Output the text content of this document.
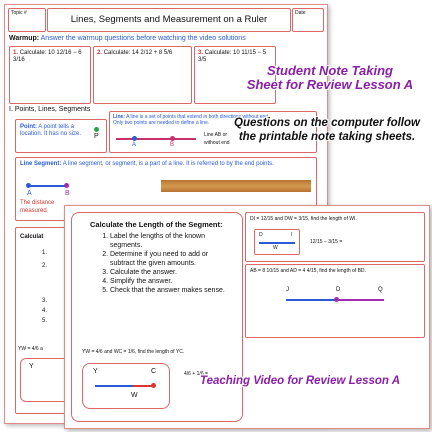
Topic #
Lines, Segments and Measurement on a Ruler
Date
Warmup: Answer the warmup questions before watching the video solutions
1. Calculate: 10 12/16 − 6 3/16
2. Calculate: 14 2/12 + 8 5/6	3. Calculate: 10 11/15 − 5 3/5
I. Points, Lines, Segments
Point: A point tells a location. It has no size.	P
Line: A line is a set of points that extend in both directions without end.
Only two points are needed to define a line.
A	B
Line AB or
without end
Line Segment: A line segment, or segment, is a part of a line. It is referred to by the end points.
A	B
The distance
measured
Calculat
1.
2.
3.
4.
5.
YW = 4/6 a
Y
Student Note Taking
Sheet for Review Lesson A
Questions on the computer follow
the printable note taking sheets.
Calculate the Length of the Segment:
1. Label the lengths of the known segments.
2. Determine if you need to add or subtract the given amounts.
3. Calculate the answer.
4. Simplify the answer.
5. Check that the answer makes sense.
YW = 4/6 and WC = 1/6, find the length of YC.
Y	C
W
4/6 + 1/6 =
DI = 12/15 and DW = 3/15, find the length of WI.
D	I
W
12/15 − 3/15 =
AB = 8 10/15 and AD = 4 4/15, find the length of BD.
J	D	Q
Teaching Video for Review Lesson A
